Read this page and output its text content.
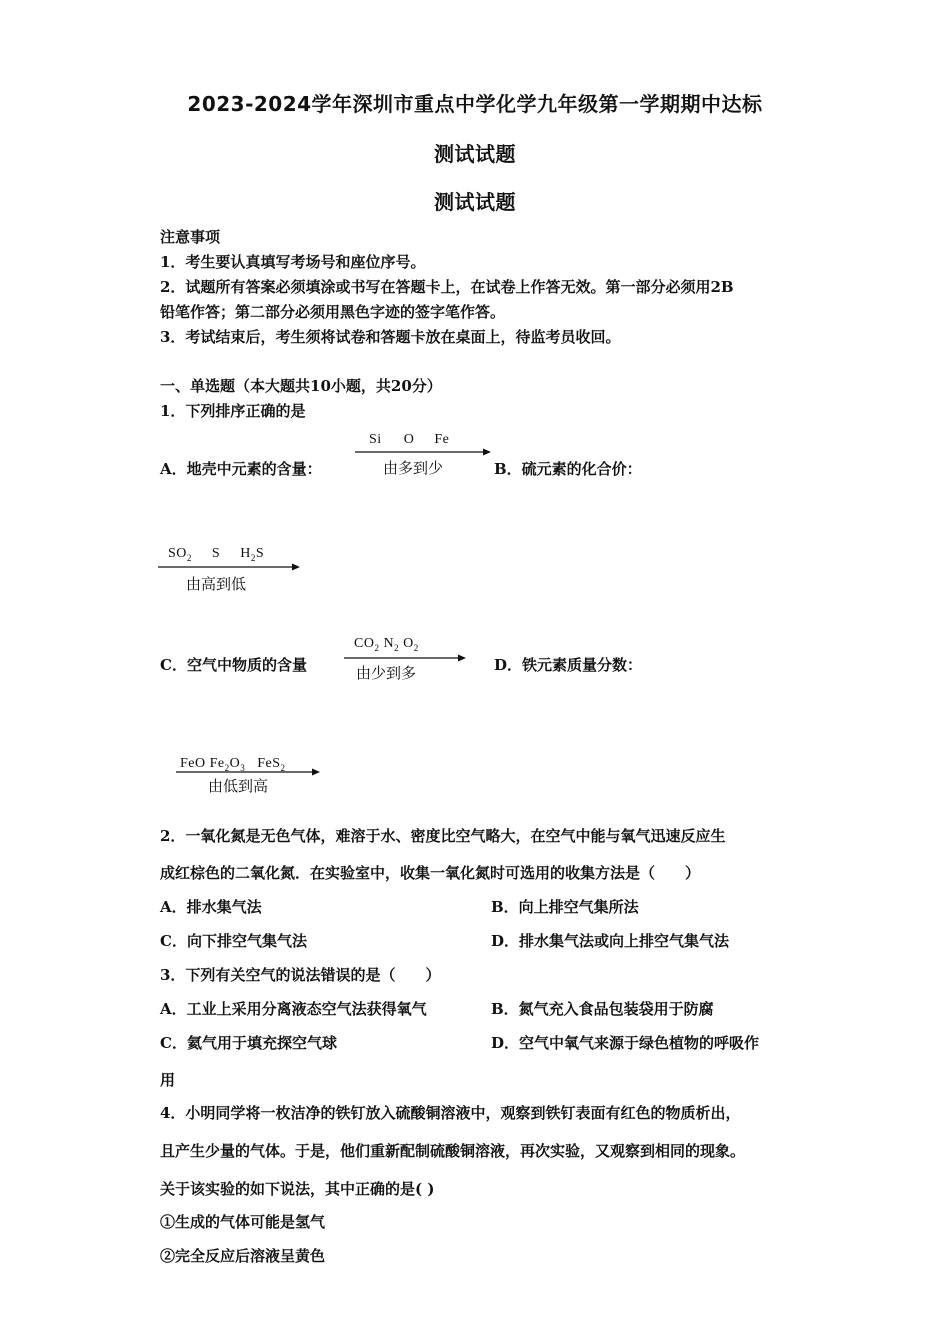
2023-2024学年深圳市重点中学化学九年级第一学期期中达标
测试试题
测试试题
注意事项
1．考生要认真填写考场号和座位序号。
2．试题所有答案必须填涂或书写在答题卡上，在试卷上作答无效。第一部分必须用2B
铅笔作答；第二部分必须用黑色字迹的签字笔作答。
3．考试结束后，考生须将试卷和答题卡放在桌面上，待监考员收回。
一、单选题（本大题共10小题，共20分）
1．下列排序正确的是
A．地壳中元素的含量：
Si O Fe
由多到少	B．硫元素的化合价：
$SO_2$ S $H_2S$
由高到低
C．空气中物质的含量
$CO_2$ $N_2$ $O_2$
由少到多	D．铁元素质量分数：
FeO $Fe_2O_3$ FeS$_2$
由低到高
2．一氧化氮是无色气体，难溶于水、密度比空气略大，在空气中能与氧气迅速反应生
成红棕色的二氧化氮．在实验室中，收集一氧化氮时可选用的收集方法是（　　）
A．排水集气法	B．向上排空气集所法
C．向下排空气集气法	D．排水集气法或向上排空气集气法
3．下列有关空气的说法错误的是（　　）
A．工业上采用分离液态空气法获得氧气	B．氮气充入食品包装袋用于防腐
C．氦气用于填充探空气球	D．空气中氧气来源于绿色植物的呼吸作
用
4．小明同学将一枚洁净的铁钉放入硫酸铜溶液中，观察到铁钉表面有红色的物质析出，
且产生少量的气体。于是，他们重新配制硫酸铜溶液，再次实验，又观察到相同的现象。
关于该实验的如下说法，其中正确的是( )
①生成的气体可能是氢气
②完全反应后溶液呈黄色
